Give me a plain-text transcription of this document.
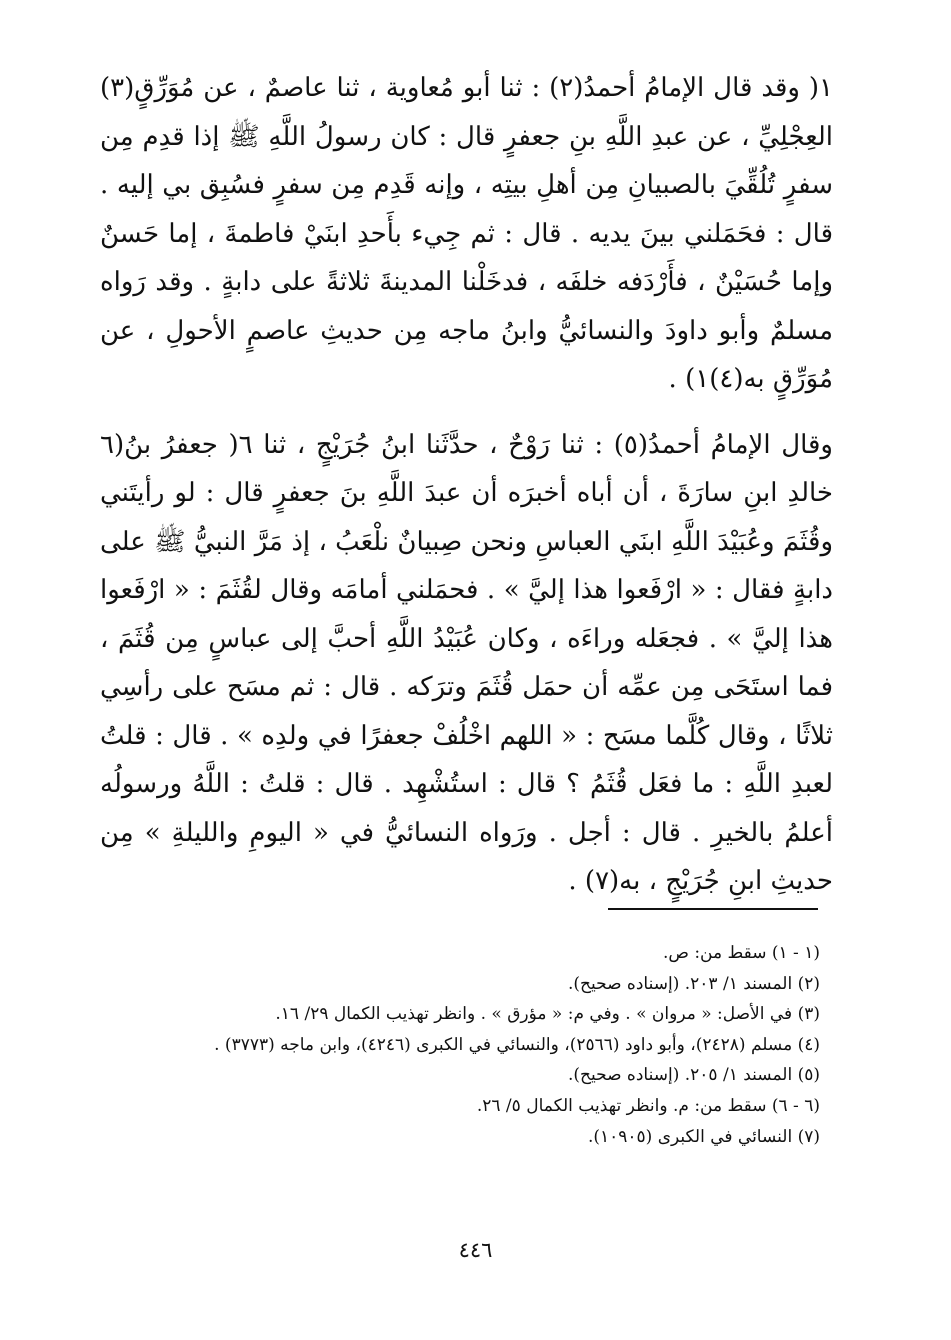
١( وقد قال الإمامُ أحمدُ(٢) : ثنا أبو مُعاوية ، ثنا عاصمٌ ، عن مُوَرِّقٍ(٣) العِجْلِيِّ ، عن عبدِ اللَّهِ بنِ جعفرٍ قال : كان رسولُ اللَّهِ ﷺ إذا قدِم مِن سفرٍ تُلُقِّيَ بالصبيانِ مِن أهلِ بيتِه ، وإنه قَدِم مِن سفرٍ فسُبِق بي إليه . قال : فحَمَلني بينَ يديه . قال : ثم جِيء بأَحدِ ابنَيْ فاطمةَ ، إما حَسنٌ وإما حُسَيْنٌ ، فأَرْدَفه خلفَه ، فدخَلْنا المدينةَ ثلاثةً على دابةٍ . وقد رَواه مسلمٌ وأبو داودَ والنسائيُّ وابنُ ماجه مِن حديثِ عاصمٍ الأحولِ ، عن مُوَرِّقٍ به(٤)١) .

وقال الإمامُ أحمدُ(٥) : ثنا رَوْحٌ ، حدَّثَنا ابنُ جُرَيْجٍ ، ثنا ٦( جعفرُ بنُ(٦ خالدِ ابنِ سارَةَ ، أن أباه أخبرَه أن عبدَ اللَّهِ بنَ جعفرٍ قال : لو رأيتَني وقُثَمَ وعُبَيْدَ اللَّهِ ابنَي العباسِ ونحن صِبيانٌ نلْعَبُ ، إذ مَرَّ النبيُّ ﷺ على دابةٍ فقال : « ارْفَعوا هذا إليَّ » . فحمَلني أمامَه وقال لقُثَمَ : « ارْفَعوا هذا إليَّ » . فجعَله وراءَه ، وكان عُبَيْدُ اللَّهِ أحبَّ إلى عباسٍ مِن قُثَمَ ، فما استَحَى مِن عمِّه أن حمَل قُثَمَ وترَكه . قال : ثم مسَح على رأسِي ثلاثًا ، وقال كُلَّما مسَح : « اللهم اخْلُفْ جعفرًا في ولدِه » . قال : قلتُ لعبدِ اللَّهِ : ما فعَل قُثَمُ ؟ قال : استُشْهِد . قال : قلتُ : اللَّهُ ورسولُه أعلمُ بالخيرِ . قال : أجل . ورَواه النسائيُّ في « اليومِ والليلةِ » مِن حديثِ ابنِ جُرَيْجٍ ، به(٧) .

(١ - ١) سقط من: ص.

(٢) المسند ١/ ٢٠٣. (إسناده صحيح).

(٣) في الأصل: « مروان » . وفي م: « مؤرق » . وانظر تهذيب الكمال ٢٩/ ١٦.

(٤) مسلم (٢٤٢٨)، وأبو داود (٢٥٦٦)، والنسائي في الكبرى (٤٢٤٦)، وابن ماجه (٣٧٧٣) .

(٥) المسند ١/ ٢٠٥. (إسناده صحيح).

(٦ - ٦) سقط من: م. وانظر تهذيب الكمال ٥/ ٢٦.

(٧) النسائي في الكبرى (١٠٩٠٥).

٤٤٦
